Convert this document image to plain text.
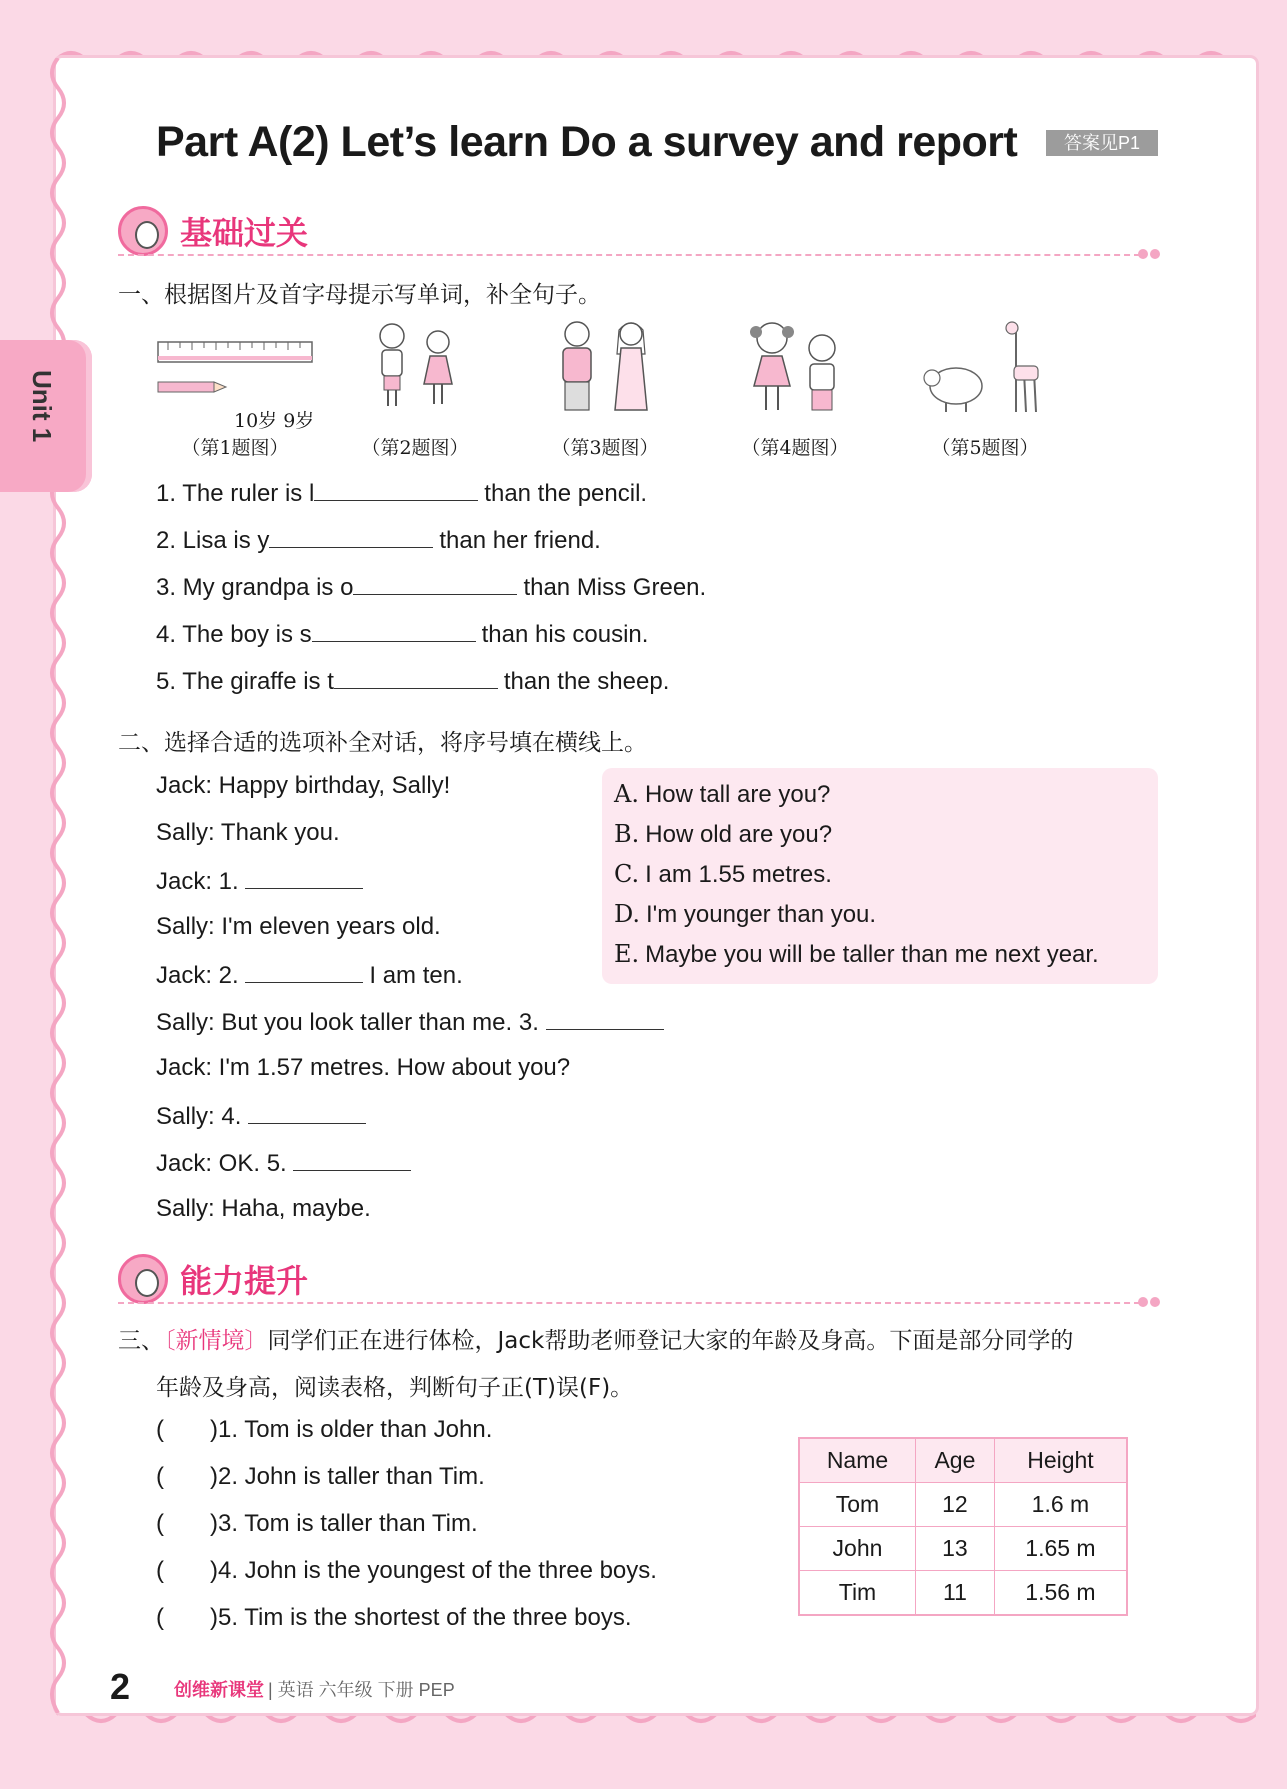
Unit 1
Part A(2) Let’s learn Do a survey and report	答案见P1
基础过关
一、根据图片及首字母提示写单词，补全句子。
（第1题图）	（第2题图）	（第3题图）	（第4题图）	（第5题图）
10岁 9岁
1. The ruler is l	than the pencil.
2. Lisa is y	than her friend.
3. My grandpa is o	than Miss Green.
4. The boy is s	than his cousin.
5. The giraffe is t	than the sheep.
二、选择合适的选项补全对话，将序号填在横线上。
Jack: Happy birthday, Sally!
Sally: Thank you.
Jack: 1.
Sally: I'm eleven years old.
Jack: 2.	I am ten.
Sally: But you look taller than me. 3.
Jack: I'm 1.57 metres. How about you?
Sally: 4.
Jack: OK. 5.
Sally: Haha, maybe.
A. How tall are you?
B. How old are you?
C. I am 1.55 metres.
D. I'm younger than you.
E. Maybe you will be taller than me next year.
能力提升
三、〔新情境〕同学们正在进行体检，Jack帮助老师登记大家的年龄及身高。下面是部分同学的
年龄及身高，阅读表格，判断句子正(T)误(F)。
( ) 1. Tom is older than John.
( ) 2. John is taller than Tim.
( ) 3. Tom is taller than Tim.
( ) 4. John is the youngest of the three boys.
( ) 5. Tim is the shortest of the three boys.
Name	Age	Height
Tom	12	1.6 m
John	13	1.65 m
Tim	11	1.56 m
2 创维新课堂 | 英语 六年级 下册 PEP
